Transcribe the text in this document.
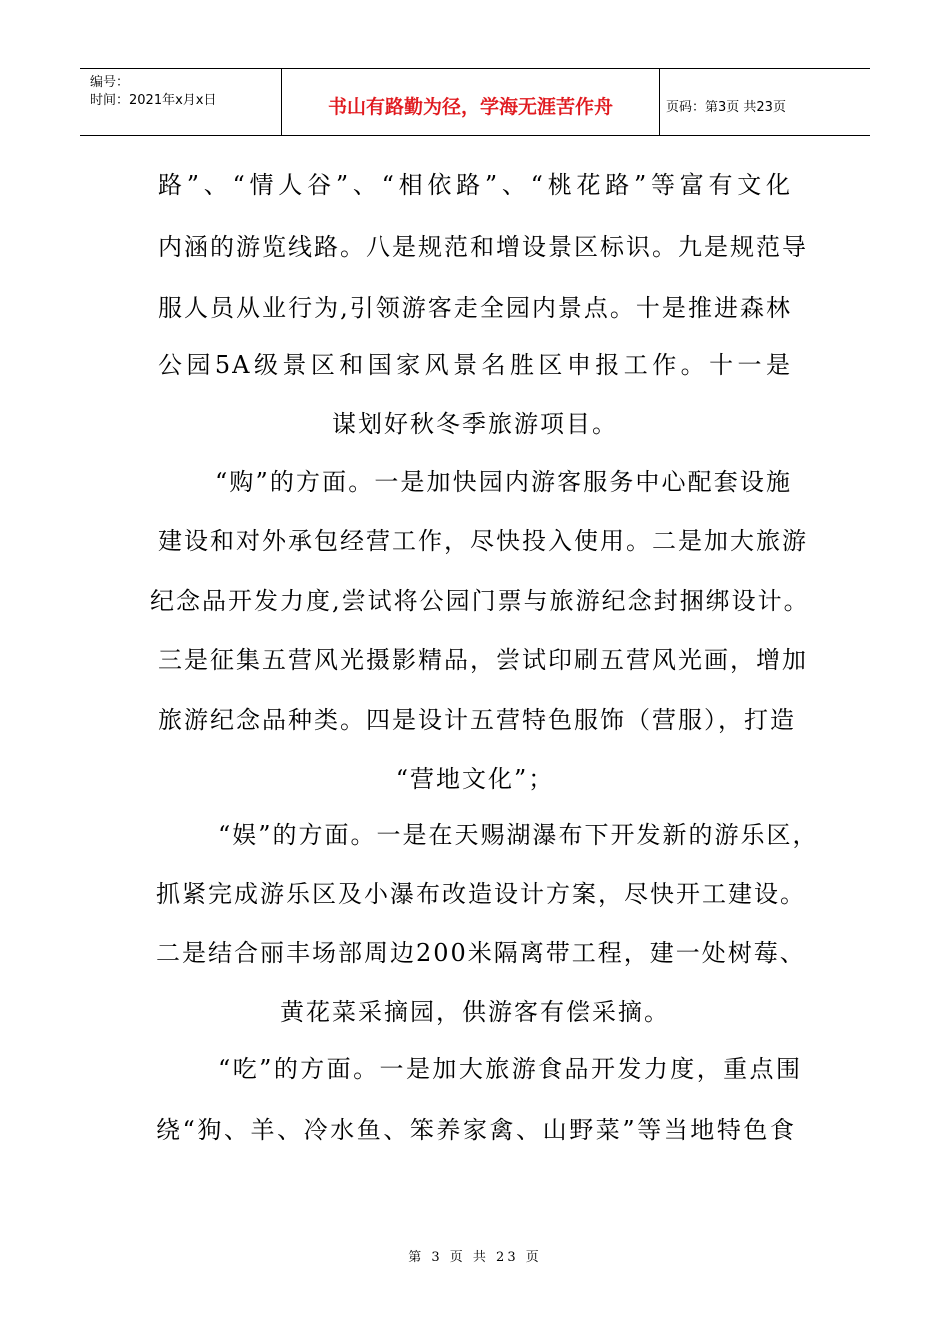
编号：
时间：2021年x月x日	书山有路勤为径，学海无涯苦作舟	页码：第3页 共23页
路”、“情人谷”、“相依路”、“桃花路”等富有文化
内涵的游览线路。八是规范和增设景区标识。九是规范导
服人员从业行为,引领游客走全园内景点。十是推进森林
公园5A级景区和国家风景名胜区申报工作。十一是
谋划好秋冬季旅游项目。
“购”的方面。一是加快园内游客服务中心配套设施
建设和对外承包经营工作，尽快投入使用。二是加大旅游
纪念品开发力度,尝试将公园门票与旅游纪念封捆绑设计。
三是征集五营风光摄影精品，尝试印刷五营风光画，增加
旅游纪念品种类。四是设计五营特色服饰（营服），打造
“营地文化”；
“娱”的方面。一是在天赐湖瀑布下开发新的游乐区，
抓紧完成游乐区及小瀑布改造设计方案，尽快开工建设。
二是结合丽丰场部周边200米隔离带工程，建一处树莓、
黄花菜采摘园，供游客有偿采摘。
“吃”的方面。一是加大旅游食品开发力度，重点围
绕“狗、羊、冷水鱼、笨养家禽、山野菜”等当地特色食
第 3 页 共 23 页
